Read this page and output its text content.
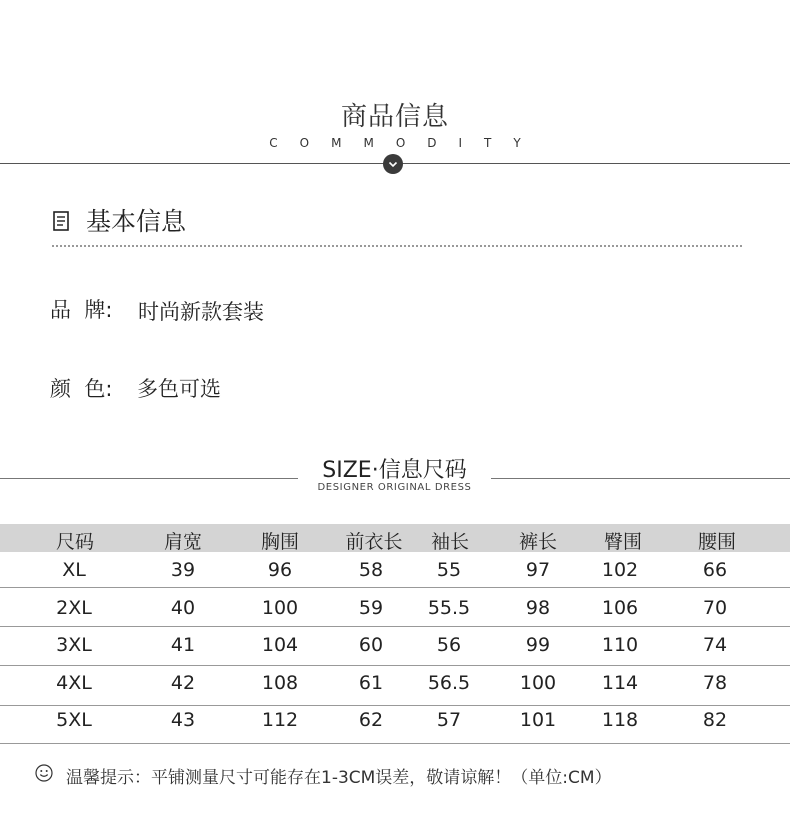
商品信息
COMMODITY
基本信息
品  牌: 时尚新款套装
颜  色: 多色可选
SIZE·信息尺码
DESIGNER ORIGINAL DRESS
尺码	肩宽	胸围 前衣长 袖长	裤长 臀围	腰围
XL	39	96	58	55	97	102	66
2XL	40	100	59 55.5	98	106	70
3XL	41	104	60	56	99	110	74
4XL	42	108	61 56.5	100 114	78
5XL	43	112	62	57	101 118	82
温馨提示：平铺测量尺寸可能存在1-3CM误差，敬请谅解！（单位:CM）
